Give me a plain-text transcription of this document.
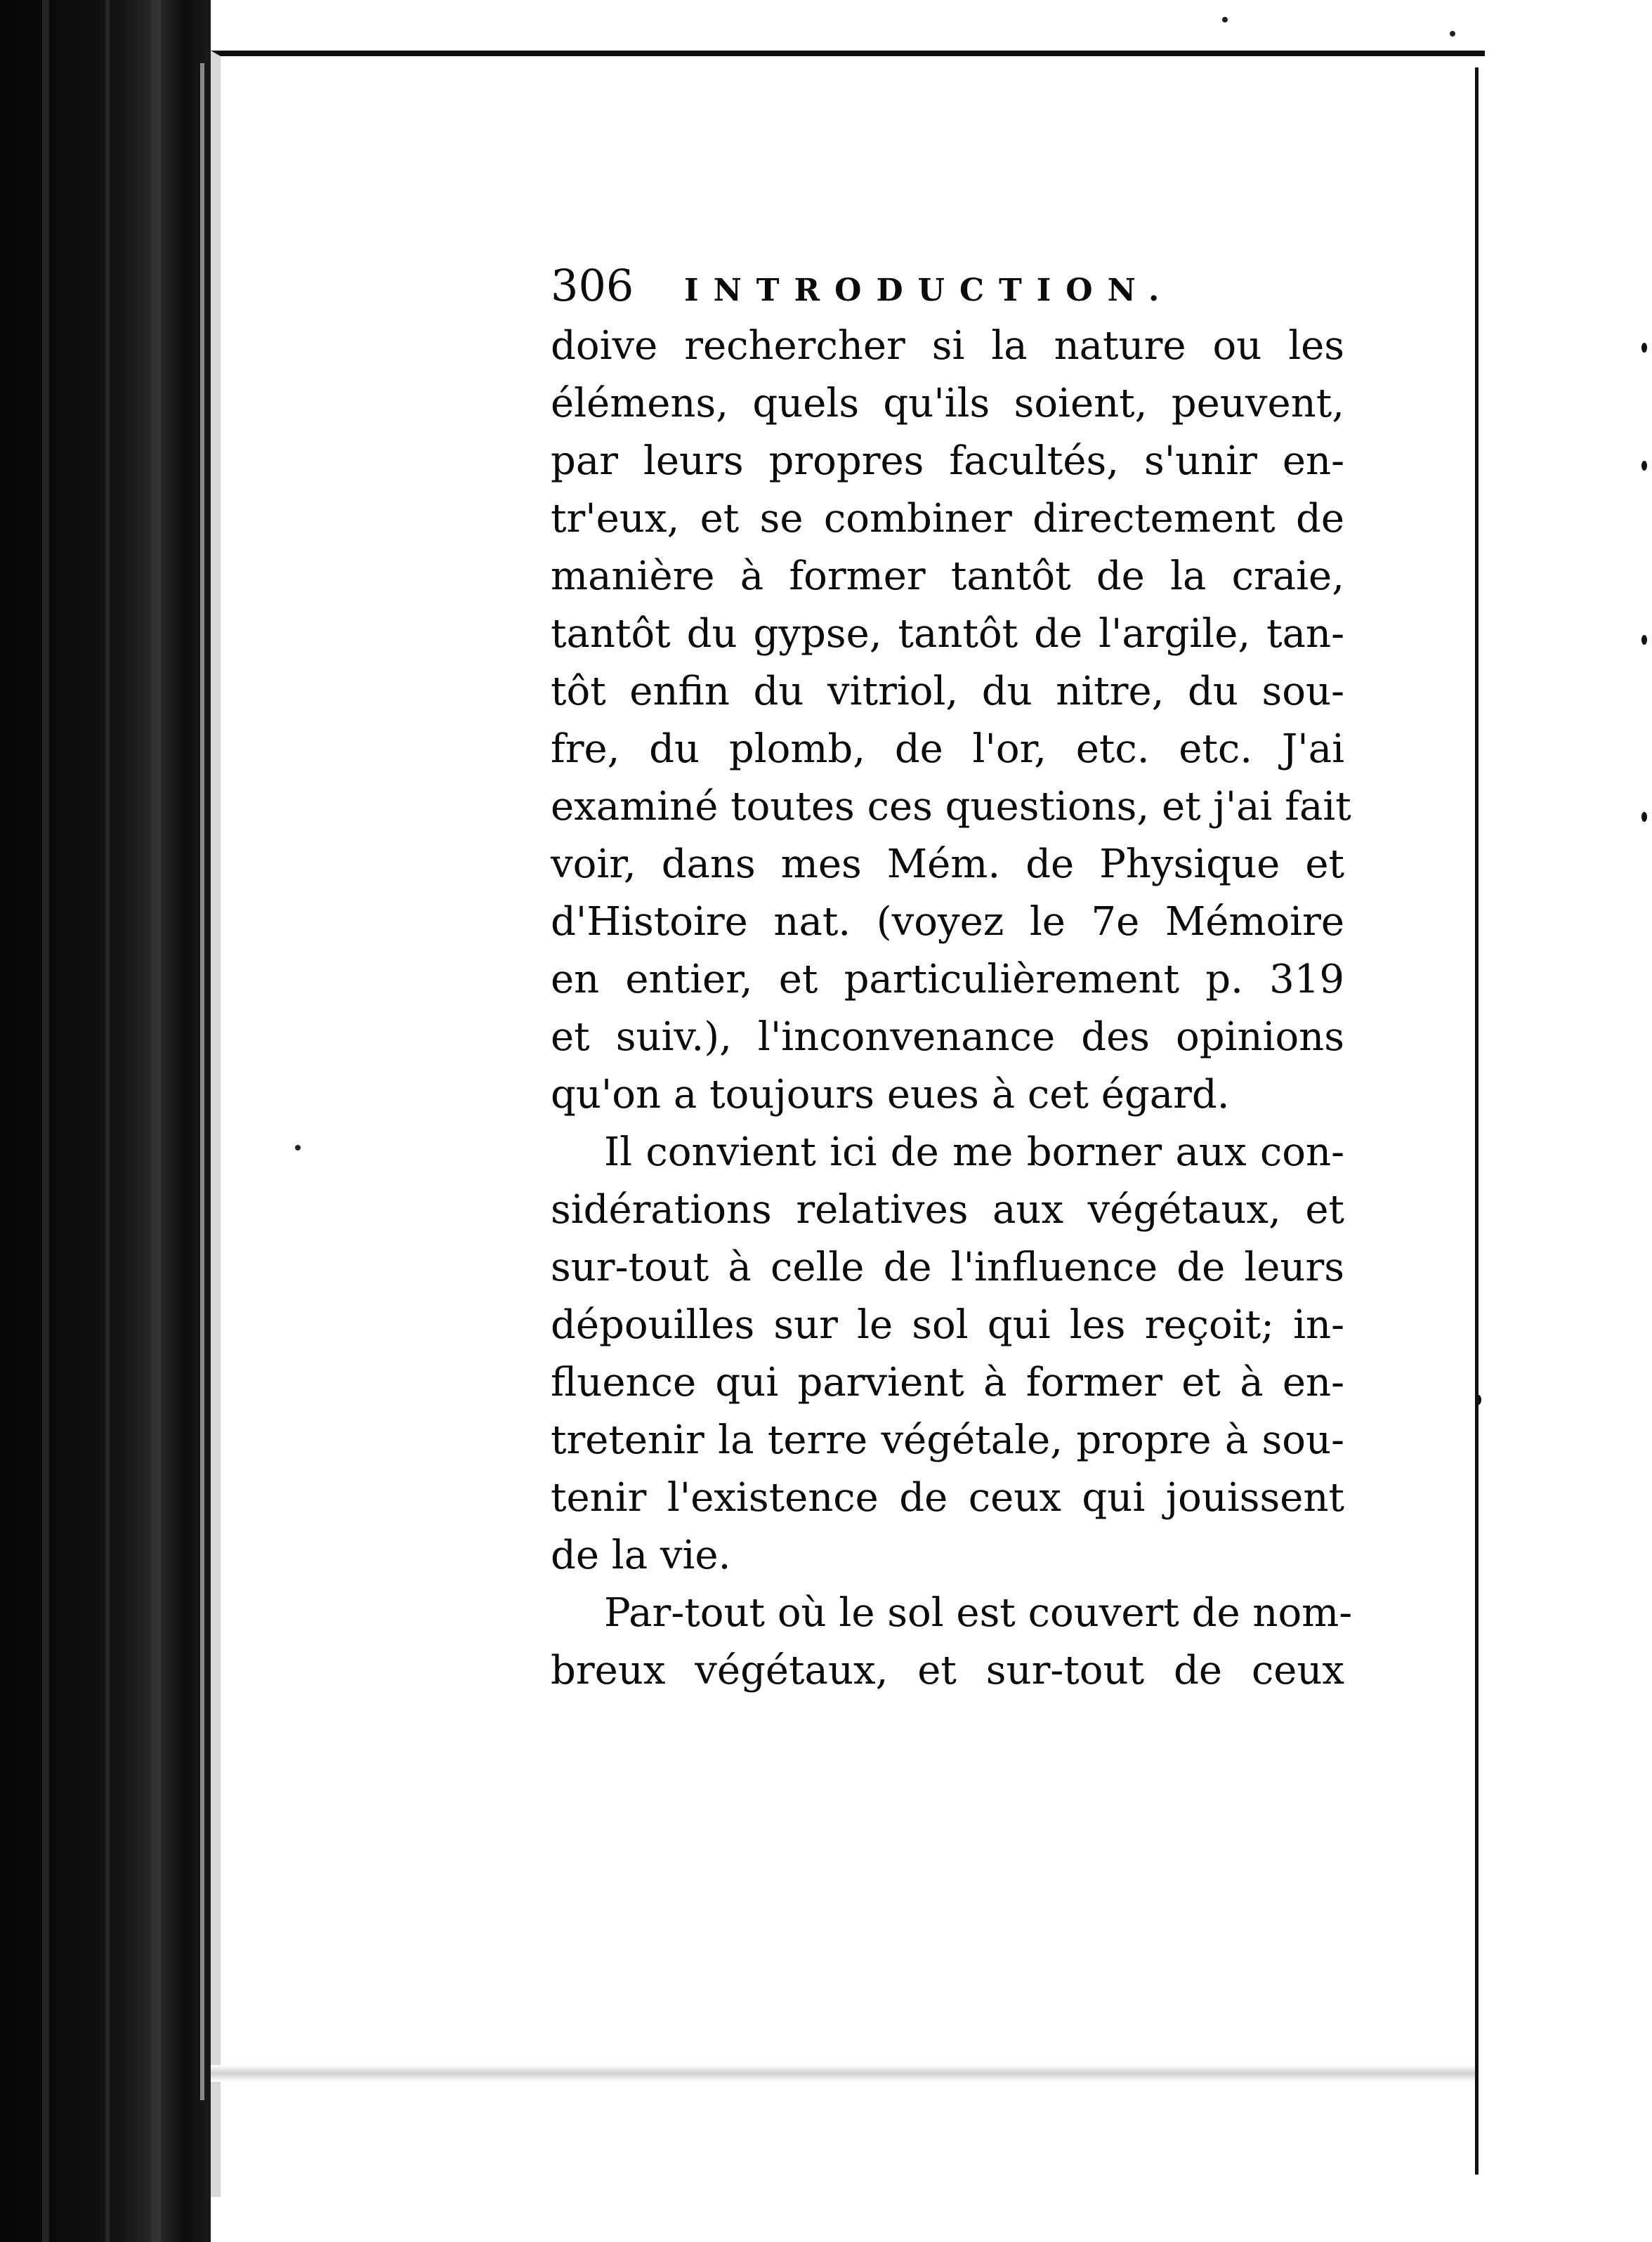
306	INTRODUCTION.
doive rechercher si la nature ou les
élémens, quels qu'ils soient, peuvent,
par leurs propres facultés, s'unir en-
tr'eux, et se combiner directement de
manière à former tantôt de la craie,
tantôt du gypse, tantôt de l'argile, tan-
tôt enfin du vitriol, du nitre, du sou-
fre, du plomb, de l'or, etc. etc. J'ai
examiné toutes ces questions, et j'ai fait
voir, dans mes Mém. de Physique et
d'Histoire nat. (voyez le 7e Mémoire
en entier, et particulièrement p. 319
et suiv.), l'inconvenance des opinions
qu'on a toujours eues à cet égard.
Il convient ici de me borner aux con-
sidérations relatives aux végétaux, et
sur-tout à celle de l'influence de leurs
dépouilles sur le sol qui les reçoit; in-
fluence qui parvient à former et à en-
tretenir la terre végétale, propre à sou-
tenir l'existence de ceux qui jouissent
de la vie.
Par-tout où le sol est couvert de nom-
breux végétaux, et sur-tout de ceux
